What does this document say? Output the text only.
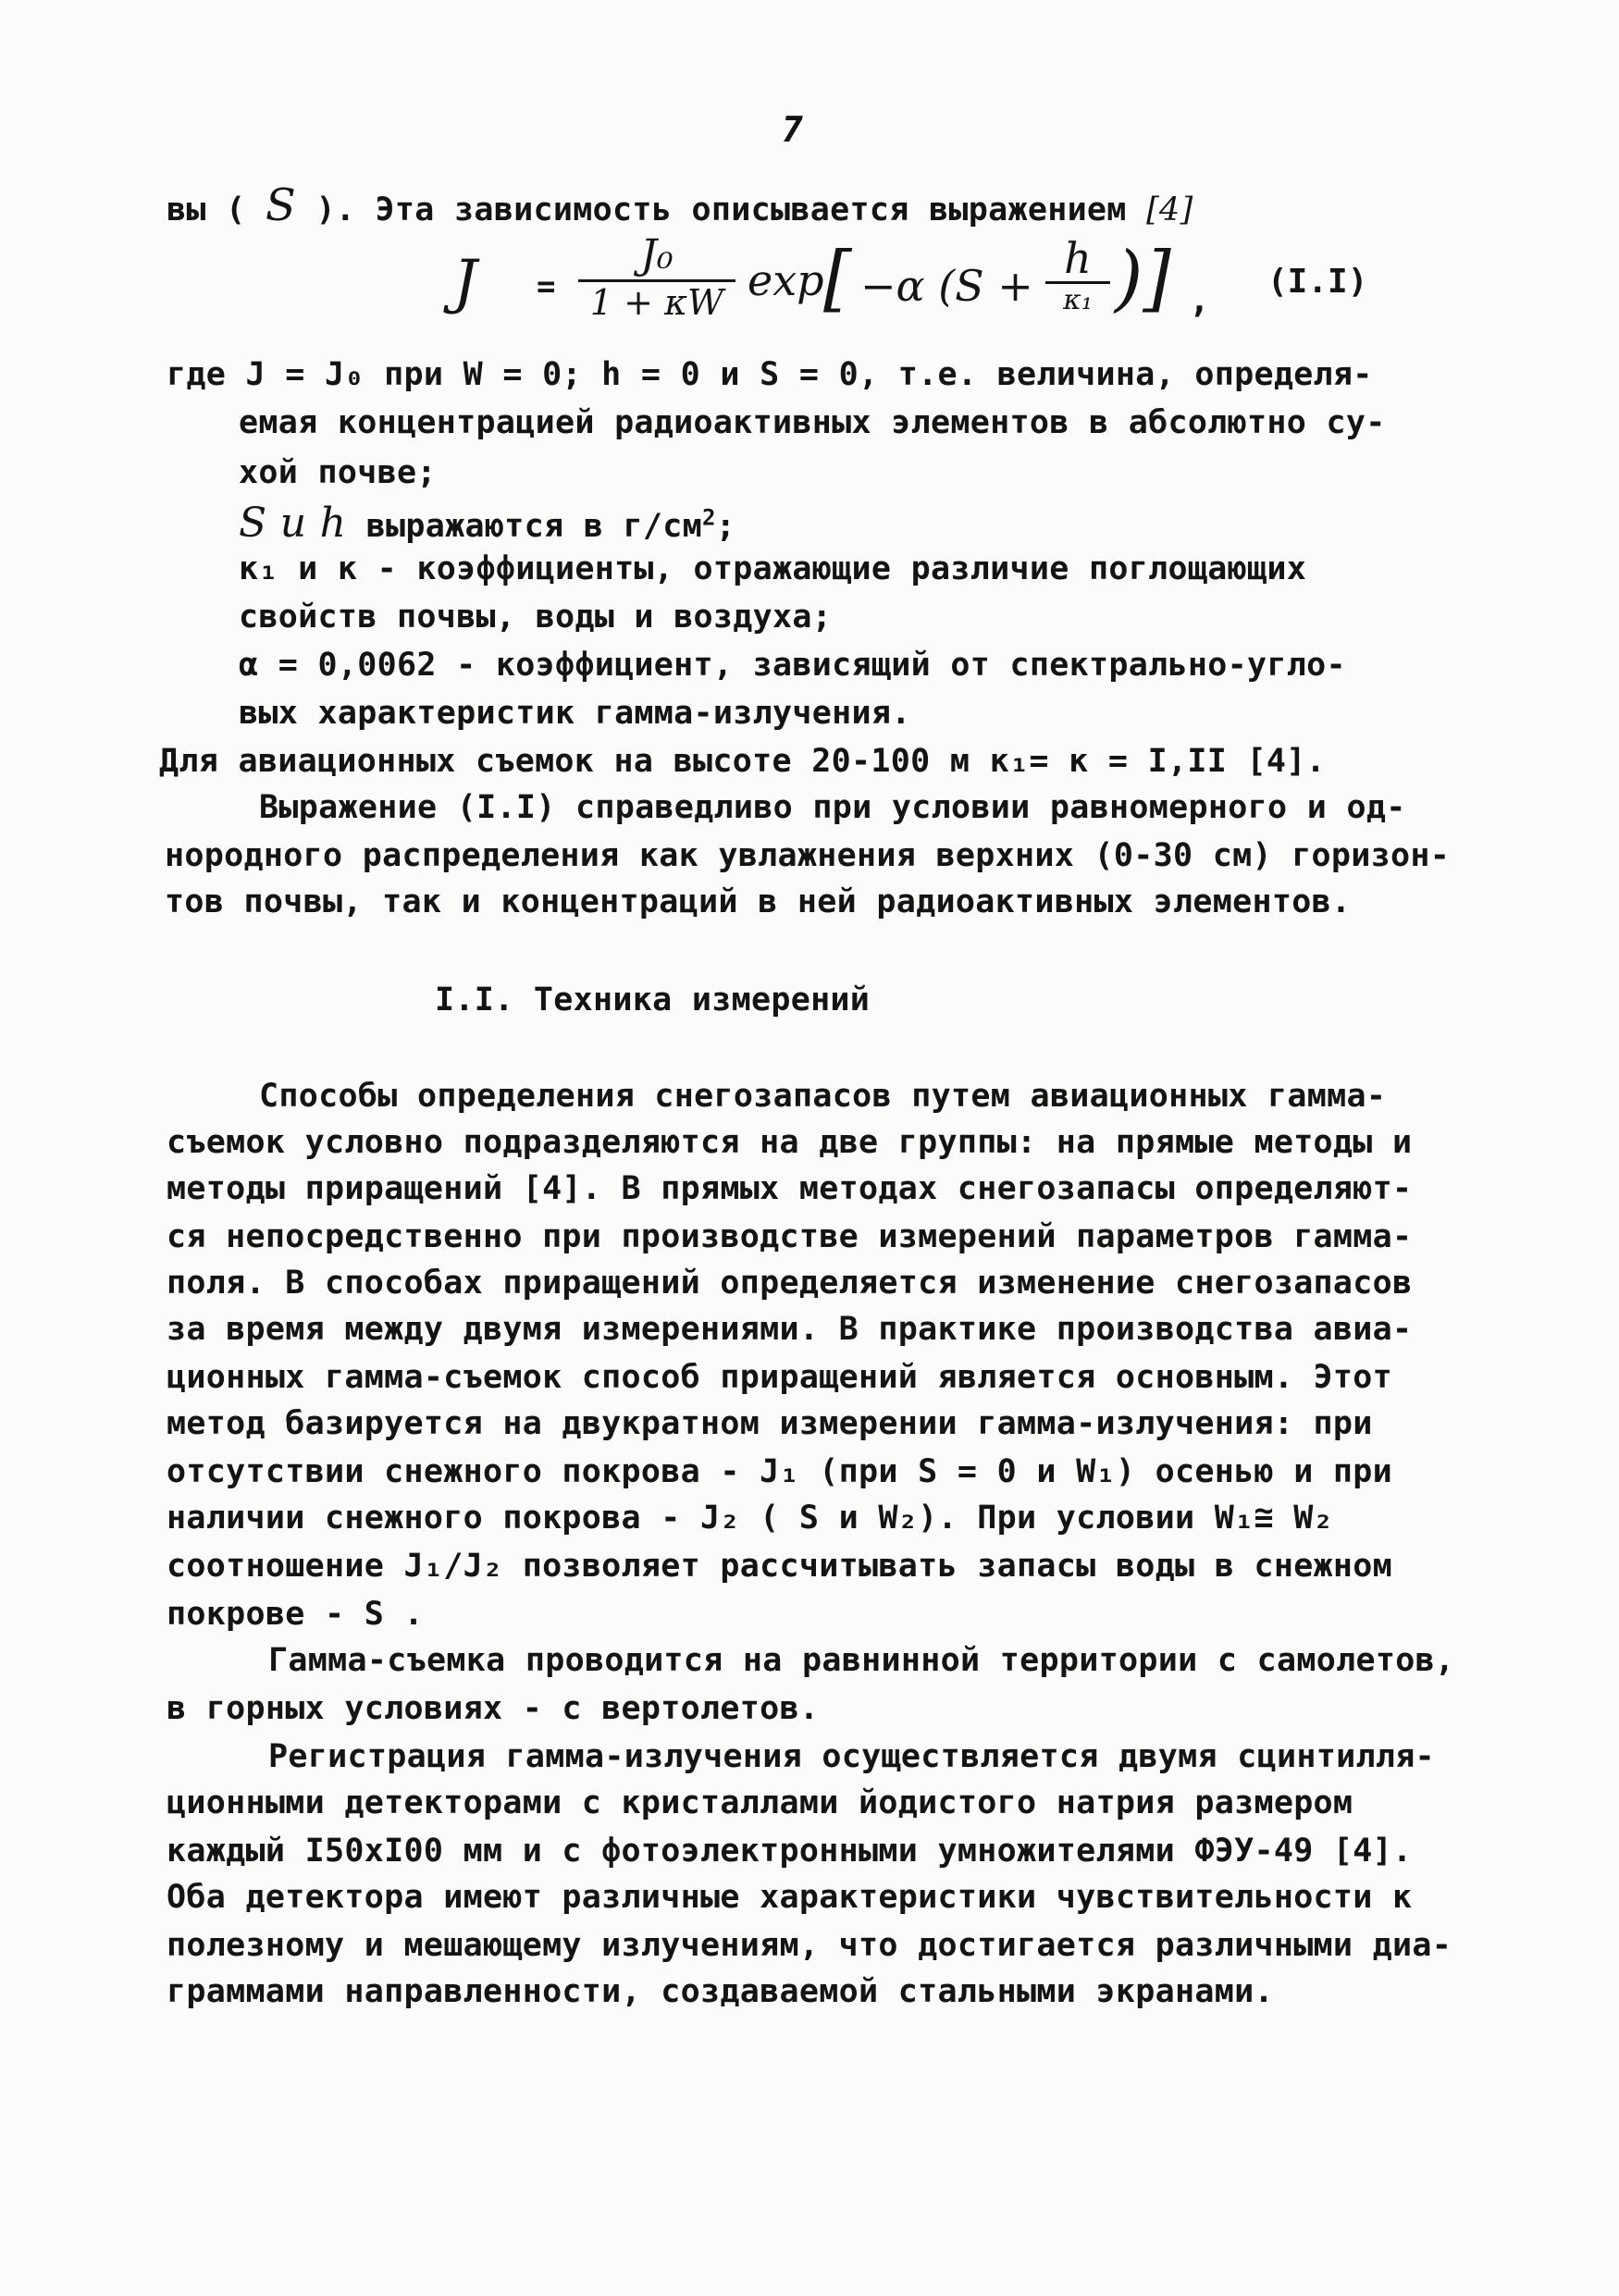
7
вы ( S ). Эта зависимость описывается выражением [4]
J =
J₀
1 + κW exp [ −α (S +
h
κ₁ )] , (I.I)
где J = J₀ при W = 0; h = 0 и S = 0, т.е. величина, определя-
емая концентрацией радиоактивных элементов в абсолютно су-
хой почве;
S и h выражаются в $г/см^2$;
κ₁ и κ - коэффициенты, отражающие различие поглощающих
свойств почвы, воды и воздуха;
α = 0,0062 - коэффициент, зависящий от спектрально-угло-
вых характеристик гамма-излучения.
Для авиационных съемок на высоте 20-100 м κ₁= κ = I,II [4].
Выражение (I.I) справедливо при условии равномерного и од-
нородного распределения как увлажнения верхних (0-30 см) горизон-
тов почвы, так и концентраций в ней радиоактивных элементов.
I.I. Техника измерений
Способы определения снегозапасов путем авиационных гамма-
съемок условно подразделяются на две группы: на прямые методы и
методы приращений [4]. В прямых методах снегозапасы определяют-
ся непосредственно при производстве измерений параметров гамма-
поля. В способах приращений определяется изменение снегозапасов
за время между двумя измерениями. В практике производства авиа-
ционных гамма-съемок способ приращений является основным. Этот
метод базируется на двукратном измерении гамма-излучения: при
отсутствии снежного покрова - J₁ (при S = 0 и W₁) осенью и при
наличии снежного покрова - J₂ ( S и W₂). При условии W₁≅ W₂
соотношение J₁/J₂ позволяет рассчитывать запасы воды в снежном
покрове - S .
Гамма-съемка проводится на равнинной территории с самолетов,
в горных условиях - с вертолетов.
Регистрация гамма-излучения осуществляется двумя сцинтилля-
ционными детекторами с кристаллами йодистого натрия размером
каждый I50xI00 мм и с фотоэлектронными умножителями ФЭУ-49 [4].
Оба детектора имеют различные характеристики чувствительности к
полезному и мешающему излучениям, что достигается различными диа-
граммами направленности, создаваемой стальными экранами.
